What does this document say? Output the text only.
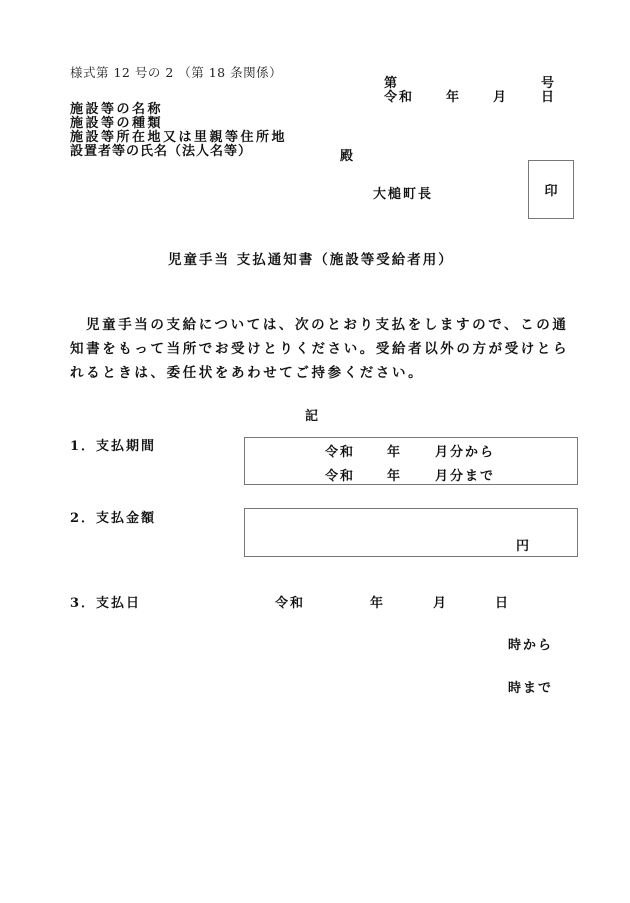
様式第 12 号の 2 （第 18 条関係）
第	号
令和 年	月	日
施設等の名称
施設等の種類
施設等所在地又は里親等住所地
設置者等の氏名（法人名等）	殿
大槌町長	印
児童手当 支払通知書（施設等受給者用）
児童手当の支給については、次のとおり支払をしますので、この通
知書をもって当所でお受けとりください。受給者以外の方が受けとら
れるときは、委任状をあわせてご持参ください。
記
1．支払期間	令和 年	月分から
令和 年	月分まで
2．支払金額
円
3．支払日	令和	年	月	日
時から
時まで
